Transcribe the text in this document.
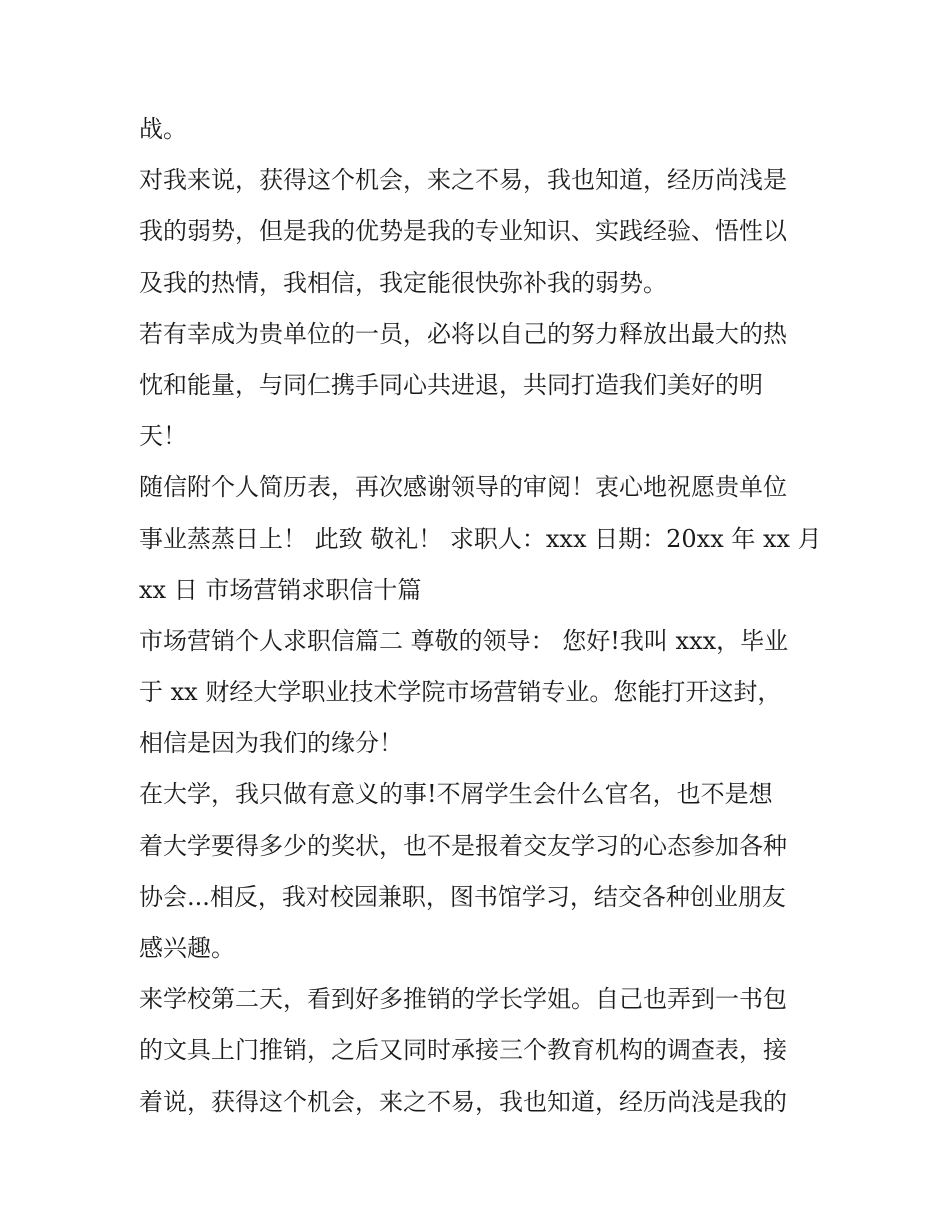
战。
对我来说，获得这个机会，来之不易，我也知道，经历尚浅是
我的弱势，但是我的优势是我的专业知识、实践经验、悟性以
及我的热情，我相信，我定能很快弥补我的弱势。
若有幸成为贵单位的一员，必将以自己的努力释放出最大的热
忱和能量，与同仁携手同心共进退，共同打造我们美好的明
天！
随信附个人简历表，再次感谢领导的审阅！衷心地祝愿贵单位
事业蒸蒸日上！ 此致 敬礼！ 求职人：xxx 日期：20xx 年 xx 月
xx 日 市场营销求职信十篇
市场营销个人求职信篇二 尊敬的领导： 您好!我叫 xxx，毕业
于 xx 财经大学职业技术学院市场营销专业。您能打开这封，
相信是因为我们的缘分！
在大学，我只做有意义的事!不屑学生会什么官名，也不是想
着大学要得多少的奖状，也不是报着交友学习的心态参加各种
协会...相反，我对校园兼职，图书馆学习，结交各种创业朋友
感兴趣。
来学校第二天，看到好多推销的学长学姐。自己也弄到一书包
的文具上门推销，之后又同时承接三个教育机构的调查表，接
着说，获得这个机会，来之不易，我也知道，经历尚浅是我的
